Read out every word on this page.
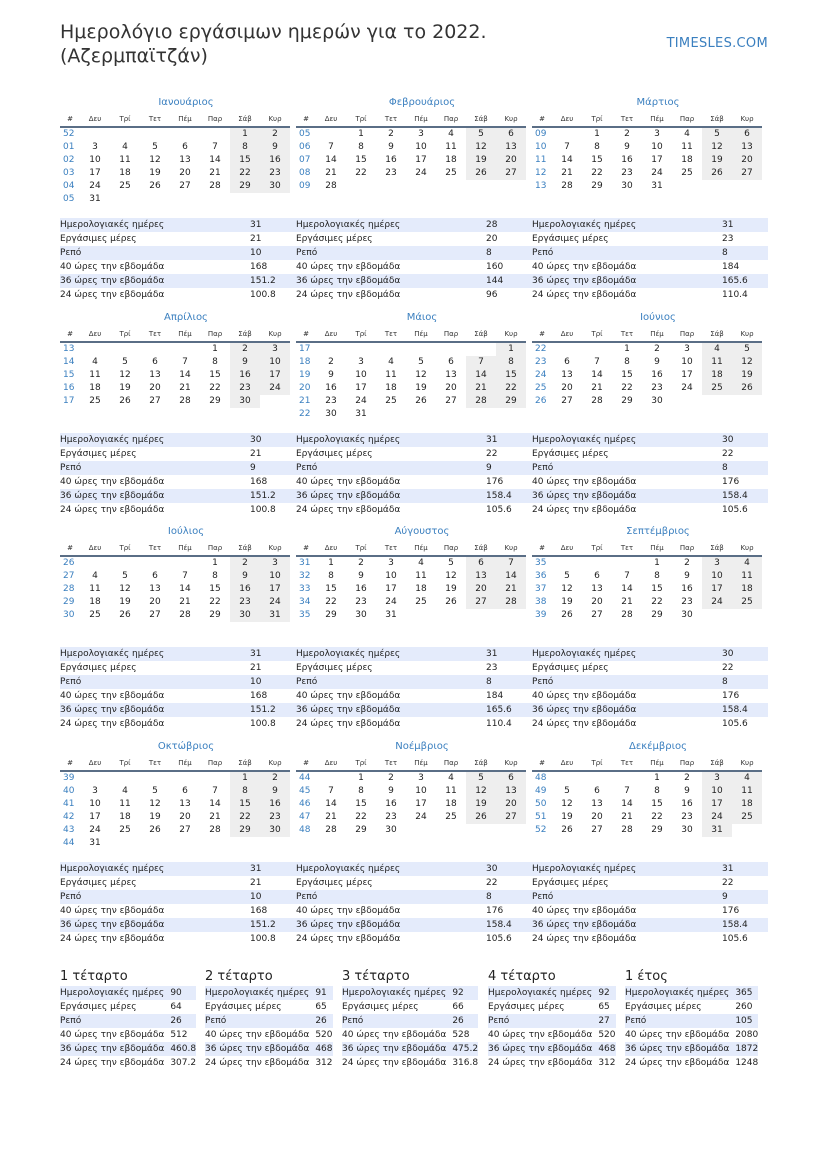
Ημερολόγιο εργάσιμων ημερών για το 2022.
(Αζερμπαϊτζάν)
TIMESLES.COM
Ιανουάριος
#	Δευ	Τρί	Τετ	Πέμ	Παρ	Σάβ	Κυρ
52						1	2
01	3	4	5	6	7	8	9
02	10	11	12	13	14	15	16
03	17	18	19	20	21	22	23
04	24	25	26	27	28	29	30
05	31						
Ημερολογιακές ημέρες	31
Εργάσιμες μέρες	21
Ρεπό	10
40 ώρες την εβδομάδα	168
36 ώρες την εβδομάδα	151.2
24 ώρες την εβδομάδα	100.8
Φεβρουάριος
#	Δευ	Τρί	Τετ	Πέμ	Παρ	Σάβ	Κυρ
05		1	2	3	4	5	6
06	7	8	9	10	11	12	13
07	14	15	16	17	18	19	20
08	21	22	23	24	25	26	27
09	28						
Ημερολογιακές ημέρες	28
Εργάσιμες μέρες	20
Ρεπό	8
40 ώρες την εβδομάδα	160
36 ώρες την εβδομάδα	144
24 ώρες την εβδομάδα	96
Μάρτιος
#	Δευ	Τρί	Τετ	Πέμ	Παρ	Σάβ	Κυρ
09		1	2	3	4	5	6
10	7	8	9	10	11	12	13
11	14	15	16	17	18	19	20
12	21	22	23	24	25	26	27
13	28	29	30	31			
Ημερολογιακές ημέρες	31
Εργάσιμες μέρες	23
Ρεπό	8
40 ώρες την εβδομάδα	184
36 ώρες την εβδομάδα	165.6
24 ώρες την εβδομάδα	110.4
Απρίλιος
#	Δευ	Τρί	Τετ	Πέμ	Παρ	Σάβ	Κυρ
13					1	2	3
14	4	5	6	7	8	9	10
15	11	12	13	14	15	16	17
16	18	19	20	21	22	23	24
17	25	26	27	28	29	30	
Ημερολογιακές ημέρες	30
Εργάσιμες μέρες	21
Ρεπό	9
40 ώρες την εβδομάδα	168
36 ώρες την εβδομάδα	151.2
24 ώρες την εβδομάδα	100.8
Μάιος
#	Δευ	Τρί	Τετ	Πέμ	Παρ	Σάβ	Κυρ
17							1
18	2	3	4	5	6	7	8
19	9	10	11	12	13	14	15
20	16	17	18	19	20	21	22
21	23	24	25	26	27	28	29
22	30	31					
Ημερολογιακές ημέρες	31
Εργάσιμες μέρες	22
Ρεπό	9
40 ώρες την εβδομάδα	176
36 ώρες την εβδομάδα	158.4
24 ώρες την εβδομάδα	105.6
Ιούνιος
#	Δευ	Τρί	Τετ	Πέμ	Παρ	Σάβ	Κυρ
22			1	2	3	4	5
23	6	7	8	9	10	11	12
24	13	14	15	16	17	18	19
25	20	21	22	23	24	25	26
26	27	28	29	30			
Ημερολογιακές ημέρες	30
Εργάσιμες μέρες	22
Ρεπό	8
40 ώρες την εβδομάδα	176
36 ώρες την εβδομάδα	158.4
24 ώρες την εβδομάδα	105.6
Ιούλιος
#	Δευ	Τρί	Τετ	Πέμ	Παρ	Σάβ	Κυρ
26					1	2	3
27	4	5	6	7	8	9	10
28	11	12	13	14	15	16	17
29	18	19	20	21	22	23	24
30	25	26	27	28	29	30	31
Ημερολογιακές ημέρες	31
Εργάσιμες μέρες	21
Ρεπό	10
40 ώρες την εβδομάδα	168
36 ώρες την εβδομάδα	151.2
24 ώρες την εβδομάδα	100.8
Αύγουστος
#	Δευ	Τρί	Τετ	Πέμ	Παρ	Σάβ	Κυρ
31	1	2	3	4	5	6	7
32	8	9	10	11	12	13	14
33	15	16	17	18	19	20	21
34	22	23	24	25	26	27	28
35	29	30	31				
Ημερολογιακές ημέρες	31
Εργάσιμες μέρες	23
Ρεπό	8
40 ώρες την εβδομάδα	184
36 ώρες την εβδομάδα	165.6
24 ώρες την εβδομάδα	110.4
Σεπτέμβριος
#	Δευ	Τρί	Τετ	Πέμ	Παρ	Σάβ	Κυρ
35				1	2	3	4
36	5	6	7	8	9	10	11
37	12	13	14	15	16	17	18
38	19	20	21	22	23	24	25
39	26	27	28	29	30		
Ημερολογιακές ημέρες	30
Εργάσιμες μέρες	22
Ρεπό	8
40 ώρες την εβδομάδα	176
36 ώρες την εβδομάδα	158.4
24 ώρες την εβδομάδα	105.6
Οκτώβριος
#	Δευ	Τρί	Τετ	Πέμ	Παρ	Σάβ	Κυρ
39						1	2
40	3	4	5	6	7	8	9
41	10	11	12	13	14	15	16
42	17	18	19	20	21	22	23
43	24	25	26	27	28	29	30
44	31						
Ημερολογιακές ημέρες	31
Εργάσιμες μέρες	21
Ρεπό	10
40 ώρες την εβδομάδα	168
36 ώρες την εβδομάδα	151.2
24 ώρες την εβδομάδα	100.8
Νοέμβριος
#	Δευ	Τρί	Τετ	Πέμ	Παρ	Σάβ	Κυρ
44		1	2	3	4	5	6
45	7	8	9	10	11	12	13
46	14	15	16	17	18	19	20
47	21	22	23	24	25	26	27
48	28	29	30				
Ημερολογιακές ημέρες	30
Εργάσιμες μέρες	22
Ρεπό	8
40 ώρες την εβδομάδα	176
36 ώρες την εβδομάδα	158.4
24 ώρες την εβδομάδα	105.6
Δεκέμβριος
#	Δευ	Τρί	Τετ	Πέμ	Παρ	Σάβ	Κυρ
48				1	2	3	4
49	5	6	7	8	9	10	11
50	12	13	14	15	16	17	18
51	19	20	21	22	23	24	25
52	26	27	28	29	30	31	
Ημερολογιακές ημέρες	31
Εργάσιμες μέρες	22
Ρεπό	9
40 ώρες την εβδομάδα	176
36 ώρες την εβδομάδα	158.4
24 ώρες την εβδομάδα	105.6
1 τέταρτο
Ημερολογιακές ημέρες	90
Εργάσιμες μέρες	64
Ρεπό	26
40 ώρες την εβδομάδα	512
36 ώρες την εβδομάδα	460.8
24 ώρες την εβδομάδα	307.2
2 τέταρτο
Ημερολογιακές ημέρες	91
Εργάσιμες μέρες	65
Ρεπό	26
40 ώρες την εβδομάδα	520
36 ώρες την εβδομάδα	468
24 ώρες την εβδομάδα	312
3 τέταρτο
Ημερολογιακές ημέρες	92
Εργάσιμες μέρες	66
Ρεπό	26
40 ώρες την εβδομάδα	528
36 ώρες την εβδομάδα	475.2
24 ώρες την εβδομάδα	316.8
4 τέταρτο
Ημερολογιακές ημέρες	92
Εργάσιμες μέρες	65
Ρεπό	27
40 ώρες την εβδομάδα	520
36 ώρες την εβδομάδα	468
24 ώρες την εβδομάδα	312
1 έτος
Ημερολογιακές ημέρες	365
Εργάσιμες μέρες	260
Ρεπό	105
40 ώρες την εβδομάδα	2080
36 ώρες την εβδομάδα	1872
24 ώρες την εβδομάδα	1248
